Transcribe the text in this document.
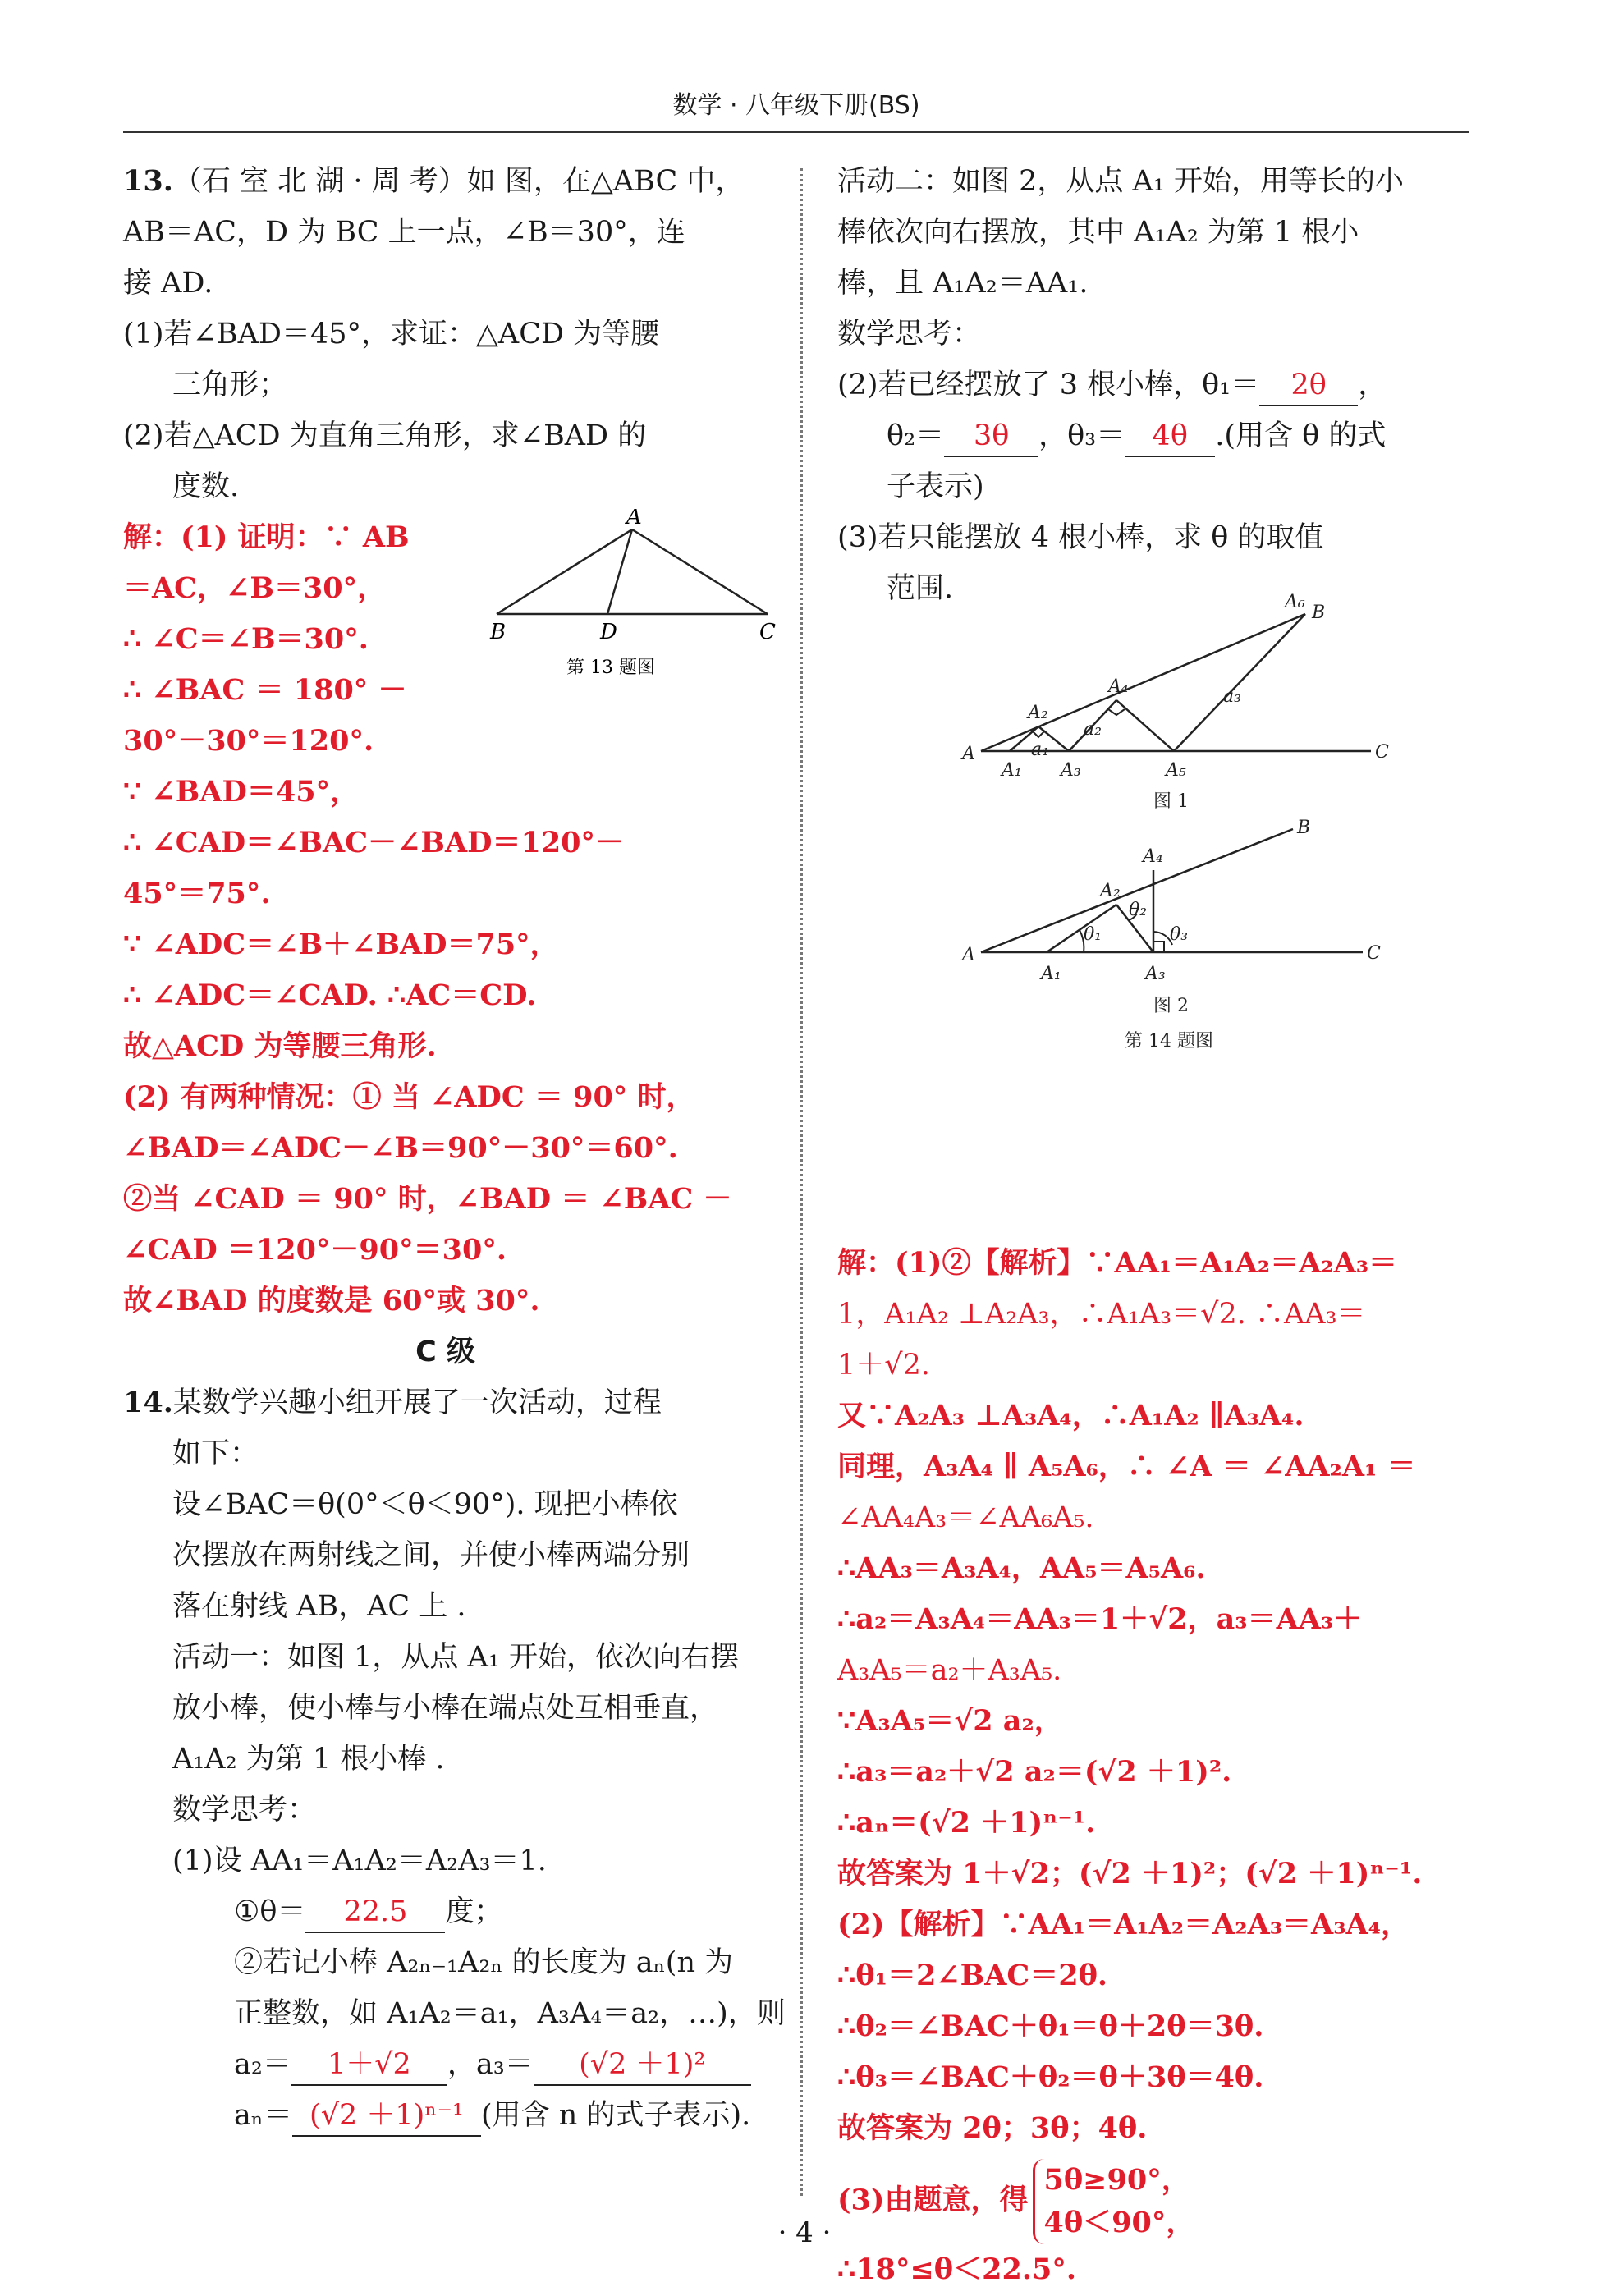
数学 · 八年级下册(BS)
13.（石 室 北 湖 · 周 考）如 图，在△ABC 中，
AB＝AC，D 为 BC 上一点，∠B＝30°，连
接 AD.
(1)若∠BAD＝45°，求证：△ACD 为等腰
三角形；
(2)若△ACD 为直角三角形，求∠BAD 的
度数.
解：(1) 证明：∵ AB
＝AC，∠B＝30°，
∴ ∠C＝∠B＝30°.
∴ ∠BAC ＝ 180° －
30°－30°＝120°.
∵ ∠BAD＝45°，
∴ ∠CAD＝∠BAC－∠BAD＝120°－
45°＝75°.
∵ ∠ADC＝∠B＋∠BAD＝75°，
∴ ∠ADC＝∠CAD. ∴AC＝CD.
故△ACD 为等腰三角形.
(2) 有两种情况：① 当 ∠ADC ＝ 90° 时，
∠BAD＝∠ADC－∠B＝90°－30°＝60°.
②当 ∠CAD ＝ 90° 时，∠BAD ＝ ∠BAC －
∠CAD ＝120°－90°＝30°.
故∠BAD 的度数是 60°或 30°.
C 级
14.某数学兴趣小组开展了一次活动，过程
如下：
设∠BAC＝θ(0°＜θ＜90°). 现把小棒依
次摆放在两射线之间，并使小棒两端分别
落在射线 AB，AC 上 .
活动一：如图 1，从点 A₁ 开始，依次向右摆
放小棒，使小棒与小棒在端点处互相垂直，
A₁A₂ 为第 1 根小棒 .
数学思考：
(1)设 AA₁＝A₁A₂＝A₂A₃＝1.
①θ＝ 22.5 度；
②若记小棒 A₂ₙ₋₁A₂ₙ 的长度为 aₙ(n 为
正整数，如 A₁A₂＝a₁，A₃A₄＝a₂，…)，则
a₂＝ 1＋√2 ，a₃＝ (√2 ＋1)²
aₙ＝ (√2 ＋1)ⁿ⁻¹ (用含 n 的式子表示).
活动二：如图 2，从点 A₁ 开始，用等长的小
棒依次向右摆放，其中 A₁A₂ 为第 1 根小
棒，且 A₁A₂＝AA₁.
数学思考：
(2)若已经摆放了 3 根小棒，θ₁＝ 2θ ，
θ₂＝ 3θ ，θ₃＝ 4θ .(用含 θ 的式
子表示)
(3)若只能摆放 4 根小棒，求 θ 的取值
范围.
解：(1)②【解析】∵AA₁＝A₁A₂＝A₂A₃＝
1，A₁A₂ ⊥A₂A₃，∴A₁A₃＝√2. ∴AA₃＝
1＋√2.
又∵A₂A₃ ⊥A₃A₄，∴A₁A₂ ∥A₃A₄.
同理，A₃A₄ ∥ A₅A₆，∴ ∠A ＝ ∠AA₂A₁ ＝
∠AA₄A₃＝∠AA₆A₅.
∴AA₃＝A₃A₄，AA₅＝A₅A₆.
∴a₂＝A₃A₄＝AA₃＝1＋√2，a₃＝AA₃＋
A₃A₅＝a₂＋A₃A₅.
∵A₃A₅＝√2 a₂，
∴a₃＝a₂＋√2 a₂＝(√2 ＋1)².
∴aₙ＝(√2 ＋1)ⁿ⁻¹.
故答案为 1＋√2；(√2 ＋1)²；(√2 ＋1)ⁿ⁻¹.
(2)【解析】∵AA₁＝A₁A₂＝A₂A₃＝A₃A₄，
∴θ₁＝2∠BAC＝2θ.
∴θ₂＝∠BAC＋θ₁＝θ＋2θ＝3θ.
∴θ₃＝∠BAC＋θ₂＝θ＋3θ＝4θ.
故答案为 2θ；3θ；4θ.
(3)由题意，得5θ≥90°，
4θ＜90°，
∴18°≤θ＜22.5°.
A
B	D	C
第 13 题图
A	C
B
A₁
A₂
A₃
A₄
A₅
A₆
a₁
a₂
a₃
图 1
A	C
B
A₁
A₂
A₃
A₄
θ₁
θ₂
θ₃
图 2
第 14 题图
· 4 ·
